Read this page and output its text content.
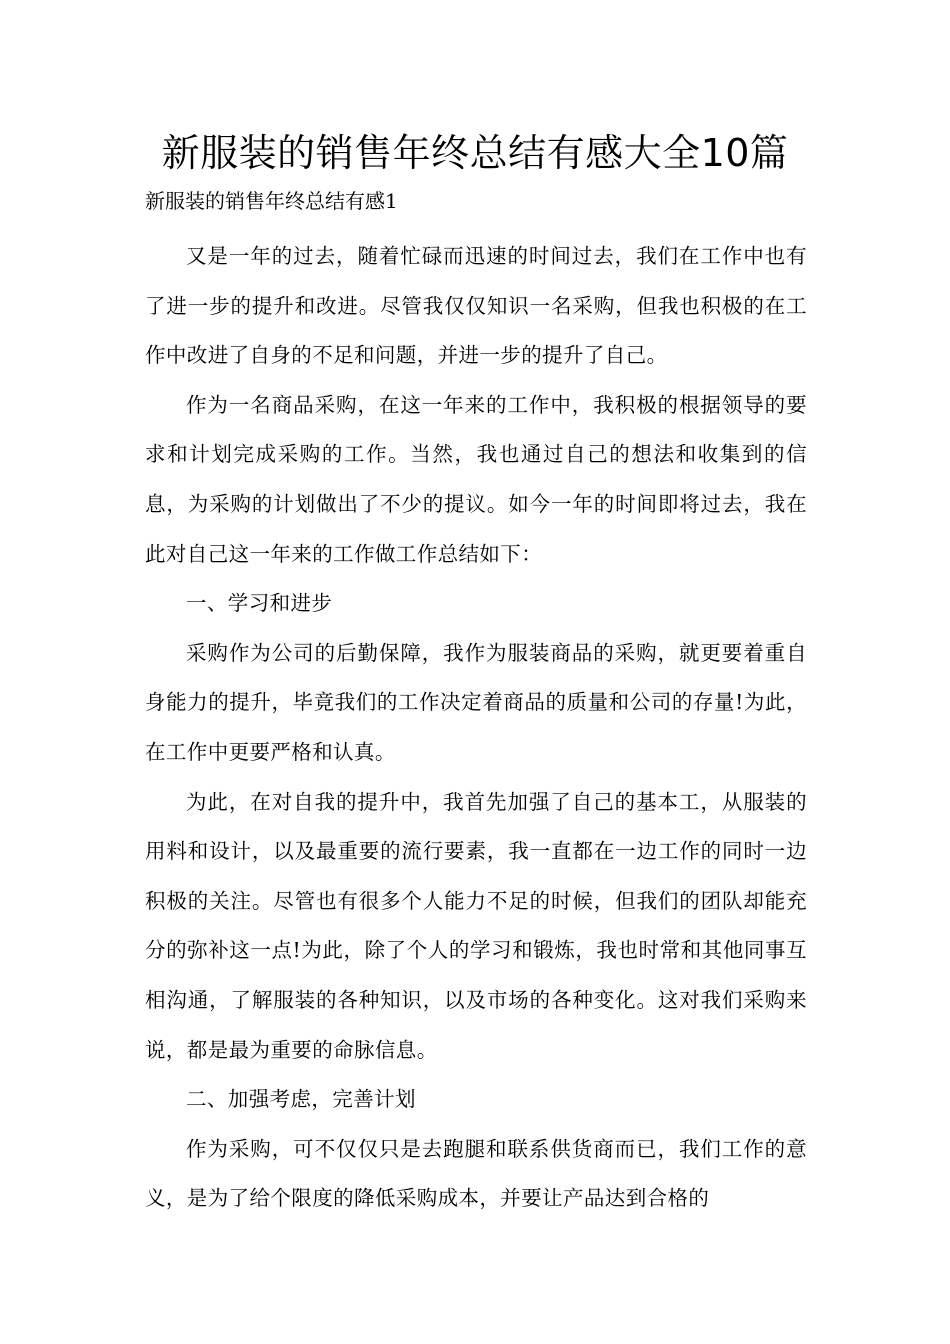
新服装的销售年终总结有感大全10篇
新服装的销售年终总结有感1

又是一年的过去，随着忙碌而迅速的时间过去，我们在工作中也有了进一步的提升和改进。尽管我仅仅知识一名采购，但我也积极的在工作中改进了自身的不足和问题，并进一步的提升了自己。

作为一名商品采购，在这一年来的工作中，我积极的根据领导的要求和计划完成采购的工作。当然，我也通过自己的想法和收集到的信息，为采购的计划做出了不少的提议。如今一年的时间即将过去，我在此对自己这一年来的工作做工作总结如下：

一、学习和进步

采购作为公司的后勤保障，我作为服装商品的采购，就更要着重自身能力的提升，毕竟我们的工作决定着商品的质量和公司的存量!为此，在工作中更要严格和认真。

为此，在对自我的提升中，我首先加强了自己的基本工，从服装的用料和设计，以及最重要的流行要素，我一直都在一边工作的同时一边积极的关注。尽管也有很多个人能力不足的时候，但我们的团队却能充分的弥补这一点!为此，除了个人的学习和锻炼，我也时常和其他同事互相沟通，了解服装的各种知识，以及市场的各种变化。这对我们采购来说，都是最为重要的命脉信息。

二、加强考虑，完善计划

作为采购，可不仅仅只是去跑腿和联系供货商而已，我们工作的意义，是为了给个限度的降低采购成本，并要让产品达到合格的
